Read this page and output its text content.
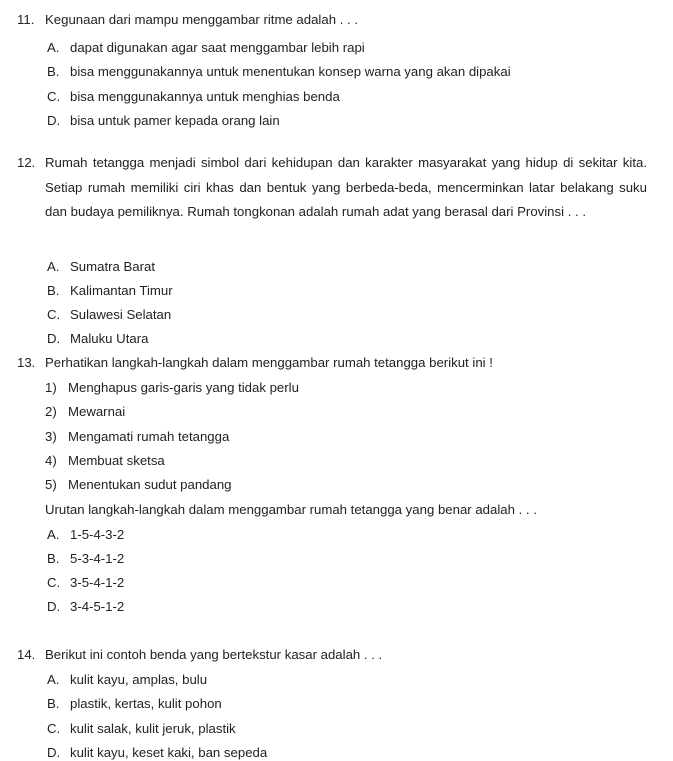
11. Kegunaan dari mampu menggambar ritme adalah . . .
A. dapat digunakan agar saat menggambar lebih rapi
B. bisa menggunakannya untuk menentukan konsep warna yang akan dipakai
C. bisa menggunakannya untuk menghias benda
D. bisa untuk pamer kepada orang lain
12. Rumah tetangga menjadi simbol dari kehidupan dan karakter masyarakat yang hidup di sekitar kita. Setiap rumah memiliki ciri khas dan bentuk yang berbeda-beda, mencerminkan latar belakang suku dan budaya pemiliknya. Rumah tongkonan adalah rumah adat yang berasal dari Provinsi . . .
A. Sumatra Barat
B. Kalimantan Timur
C. Sulawesi Selatan
D. Maluku Utara
13. Perhatikan langkah-langkah dalam menggambar rumah tetangga berikut ini !
1) Menghapus garis-garis yang tidak perlu
2) Mewarnai
3) Mengamati rumah tetangga
4) Membuat sketsa
5) Menentukan sudut pandang
Urutan langkah-langkah dalam menggambar rumah tetangga yang benar adalah . . .
A. 1-5-4-3-2
B. 5-3-4-1-2
C. 3-5-4-1-2
D. 3-4-5-1-2
14. Berikut ini contoh benda yang bertekstur kasar adalah . . .
A. kulit kayu, amplas, bulu
B. plastik, kertas, kulit pohon
C. kulit salak, kulit jeruk, plastik
D. kulit kayu, keset kaki, ban sepeda
